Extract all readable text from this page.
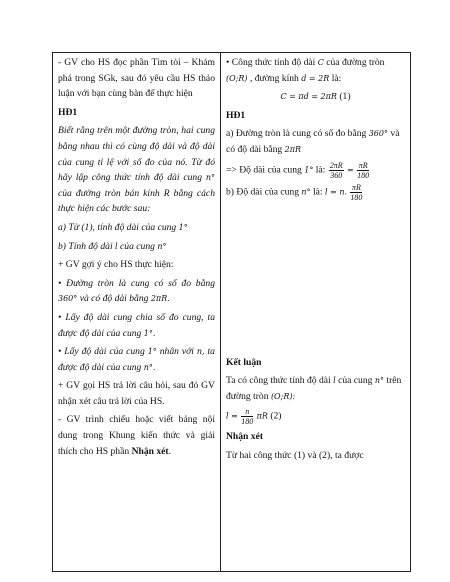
- GV cho HS đọc phần Tìm tòi – Khám phá trong SGk, sau đó yêu cầu HS thảo luận với bạn cùng bàn để thực hiện

HĐ1

Biết rằng trên một đường tròn, hai cung bằng nhau thì có cùng độ dài và độ dài của cung tỉ lệ với số đo của nó. Từ đó hãy lập công thức tính độ dài cung n° của đường tròn bán kính R bằng cách thực hiện các bước sau:

a) Từ (1), tính độ dài của cung 1°

b) Tính độ dài l của cung n°

+ GV gợi ý cho HS thực hiện:

• Đường tròn là cung có số đo bằng 360° và có độ dài bằng 2πR.

• Lấy độ dài cung chia số đo cung, ta được độ dài của cung 1°.

• Lấy độ dài của cung 1° nhân với n, ta được độ dài của cung n°.

+ GV gọi HS trả lời câu hỏi, sau đó GV nhận xét câu trả lời của HS.

- GV trình chiếu hoặc viết bảng nội dung trong Khung kiến thức và giải thích cho HS phần Nhận xét.

• Công thức tính độ dài C của đường tròn (O;R) , đường kính d = 2R là:

C = πd = 2πR (1)

HĐ1

a) Đường tròn là cung có số đo bằng 360° và có độ dài bằng 2πR

=> Độ dài của cung 1° là: $\frac{2\pi R}{360} = \frac{\pi R}{180}$

b) Độ dài của cung n° là: l = n. $\frac{\pi R}{180}$

Kết luận

Ta có công thức tính độ dài l của cung n° trên đường tròn (O;R):

$l = \frac{n}{180}$ πR (2)

Nhận xét

Từ hai công thức (1) và (2), ta được
